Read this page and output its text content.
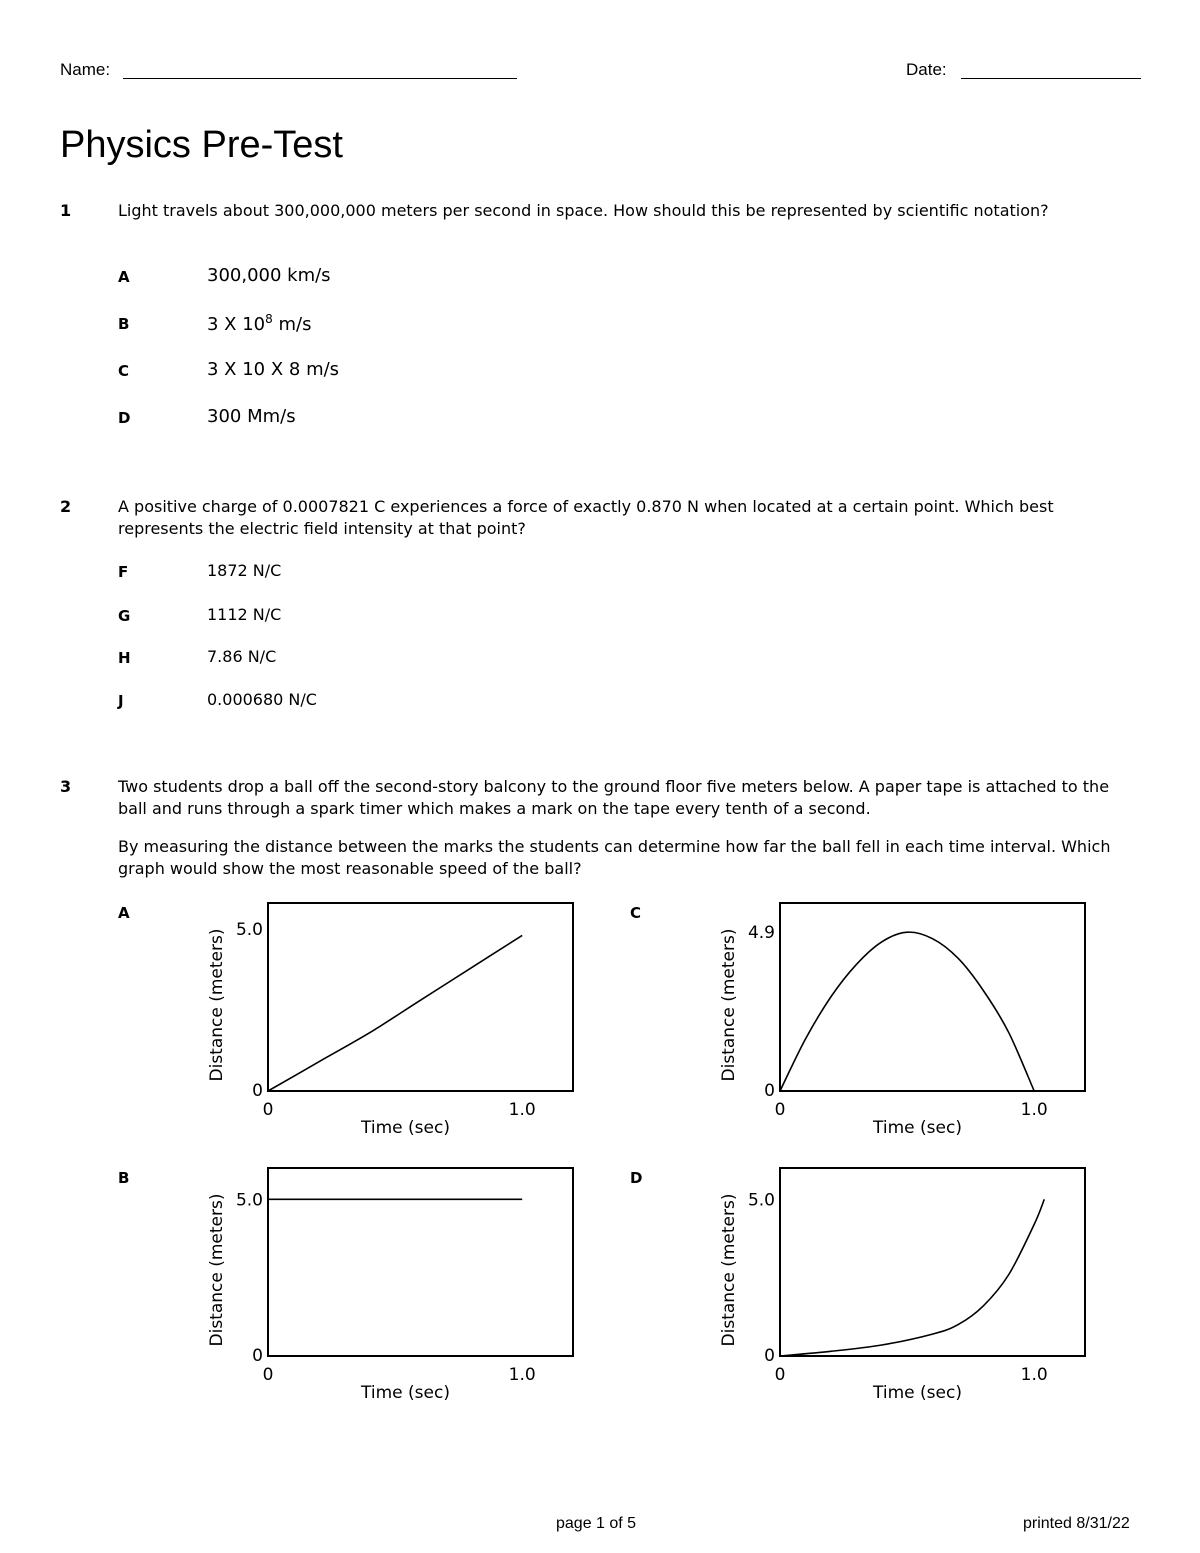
Name:	Date:
Physics Pre-Test
1	Light travels about 300,000,000 meters per second in space. How should this be represented by scientific notation?
A	300,000 km/s
B	3 X $10^8$ m/s
C	3 X 10 X 8 m/s
D	300 Mm/s
2	A positive charge of 0.0007821 C experiences a force of exactly 0.870 N when located at a certain point. Which best represents the electric field intensity at that point?
F	1872 N/C
G	1112 N/C
H	7.86 N/C
J	0.000680 N/C
3	Two students drop a ball off the second-story balcony to the ground floor five meters below. A paper tape is attached to the ball and runs through a spark timer which makes a mark on the tape every tenth of a second.
By measuring the distance between the marks the students can determine how far the ball fell in each time interval. Which graph would show the most reasonable speed of the ball?
A	C
B	D
0
5.0
0	1.0
Time (sec)
Distance (meters)
0
4.9
0	1.0
Time (sec)
Distance (meters)
0
5.0
0	1.0
Time (sec)
Distance (meters)
0
5.0
0	1.0
Time (sec)
Distance (meters)
page 1 of 5	printed 8/31/22
